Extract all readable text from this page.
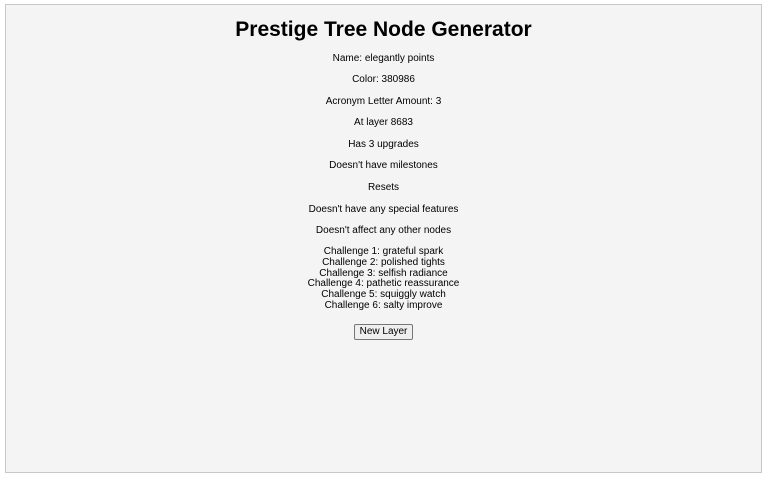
Prestige Tree Node Generator
Name: elegantly points
Color: 380986
Acronym Letter Amount: 3
At layer 8683
Has 3 upgrades
Doesn't have milestones
Resets
Doesn't have any special features
Doesn't affect any other nodes
Challenge 1: grateful spark
Challenge 2: polished tights
Challenge 3: selfish radiance
Challenge 4: pathetic reassurance
Challenge 5: squiggly watch
Challenge 6: salty improve
New Layer
